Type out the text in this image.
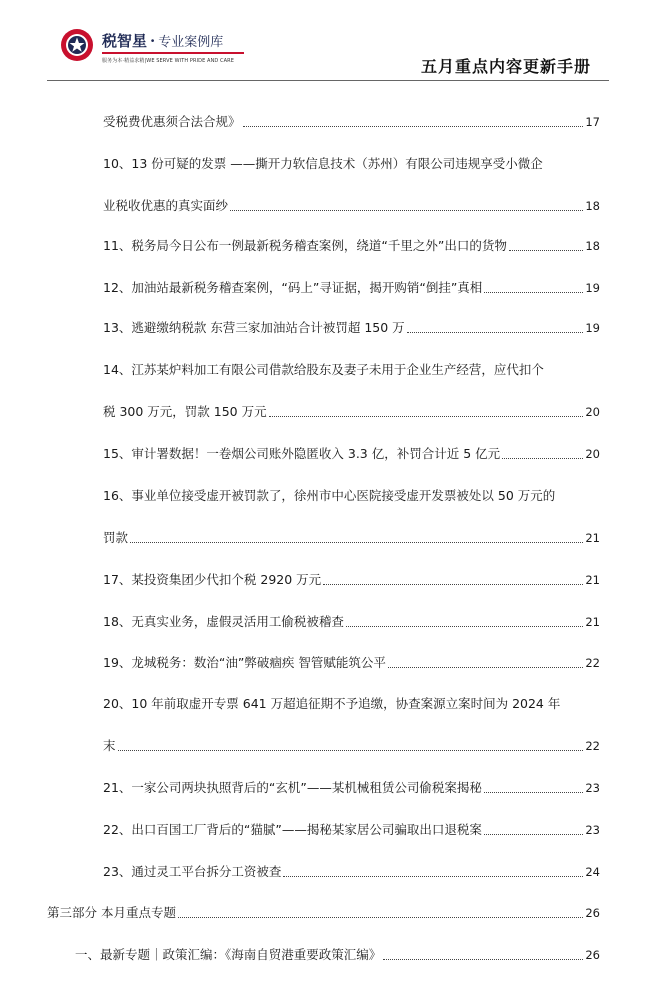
税智星 · 专业案例库
服务为本·精益求精|WE SERVE WITH PRIDE AND CARE	五月重点内容更新手册
受税费优惠须合法合规》	17
10、13 份可疑的发票 ——撕开力软信息技术（苏州）有限公司违规享受小微企
业税收优惠的真实面纱	18
11、税务局今日公布一例最新税务稽查案例，绕道“千里之外”出口的货物	18
12、加油站最新税务稽查案例，“码上”寻证据，揭开购销“倒挂”真相	19
13、逃避缴纳税款 东营三家加油站合计被罚超 150 万	19
14、江苏某炉料加工有限公司借款给股东及妻子未用于企业生产经营，应代扣个
税 300 万元，罚款 150 万元	20
15、审计署数据！一卷烟公司账外隐匿收入 3.3 亿，补罚合计近 5 亿元	20
16、事业单位接受虚开被罚款了，徐州市中心医院接受虚开发票被处以 50 万元的
罚款	21
17、某投资集团少代扣个税 2920 万元	21
18、无真实业务，虚假灵活用工偷税被稽查	21
19、龙城税务：数治“油”弊破痼疾 智管赋能筑公平	22
20、10 年前取虚开专票 641 万超追征期不予追缴，协查案源立案时间为 2024 年
末	22
21、一家公司两块执照背后的“玄机”——某机械租赁公司偷税案揭秘	23
22、出口百国工厂背后的“猫腻”——揭秘某家居公司骗取出口退税案	23
23、通过灵工平台拆分工资被查	24
第三部分 本月重点专题	26
一、最新专题｜政策汇编：《海南自贸港重要政策汇编》	26
